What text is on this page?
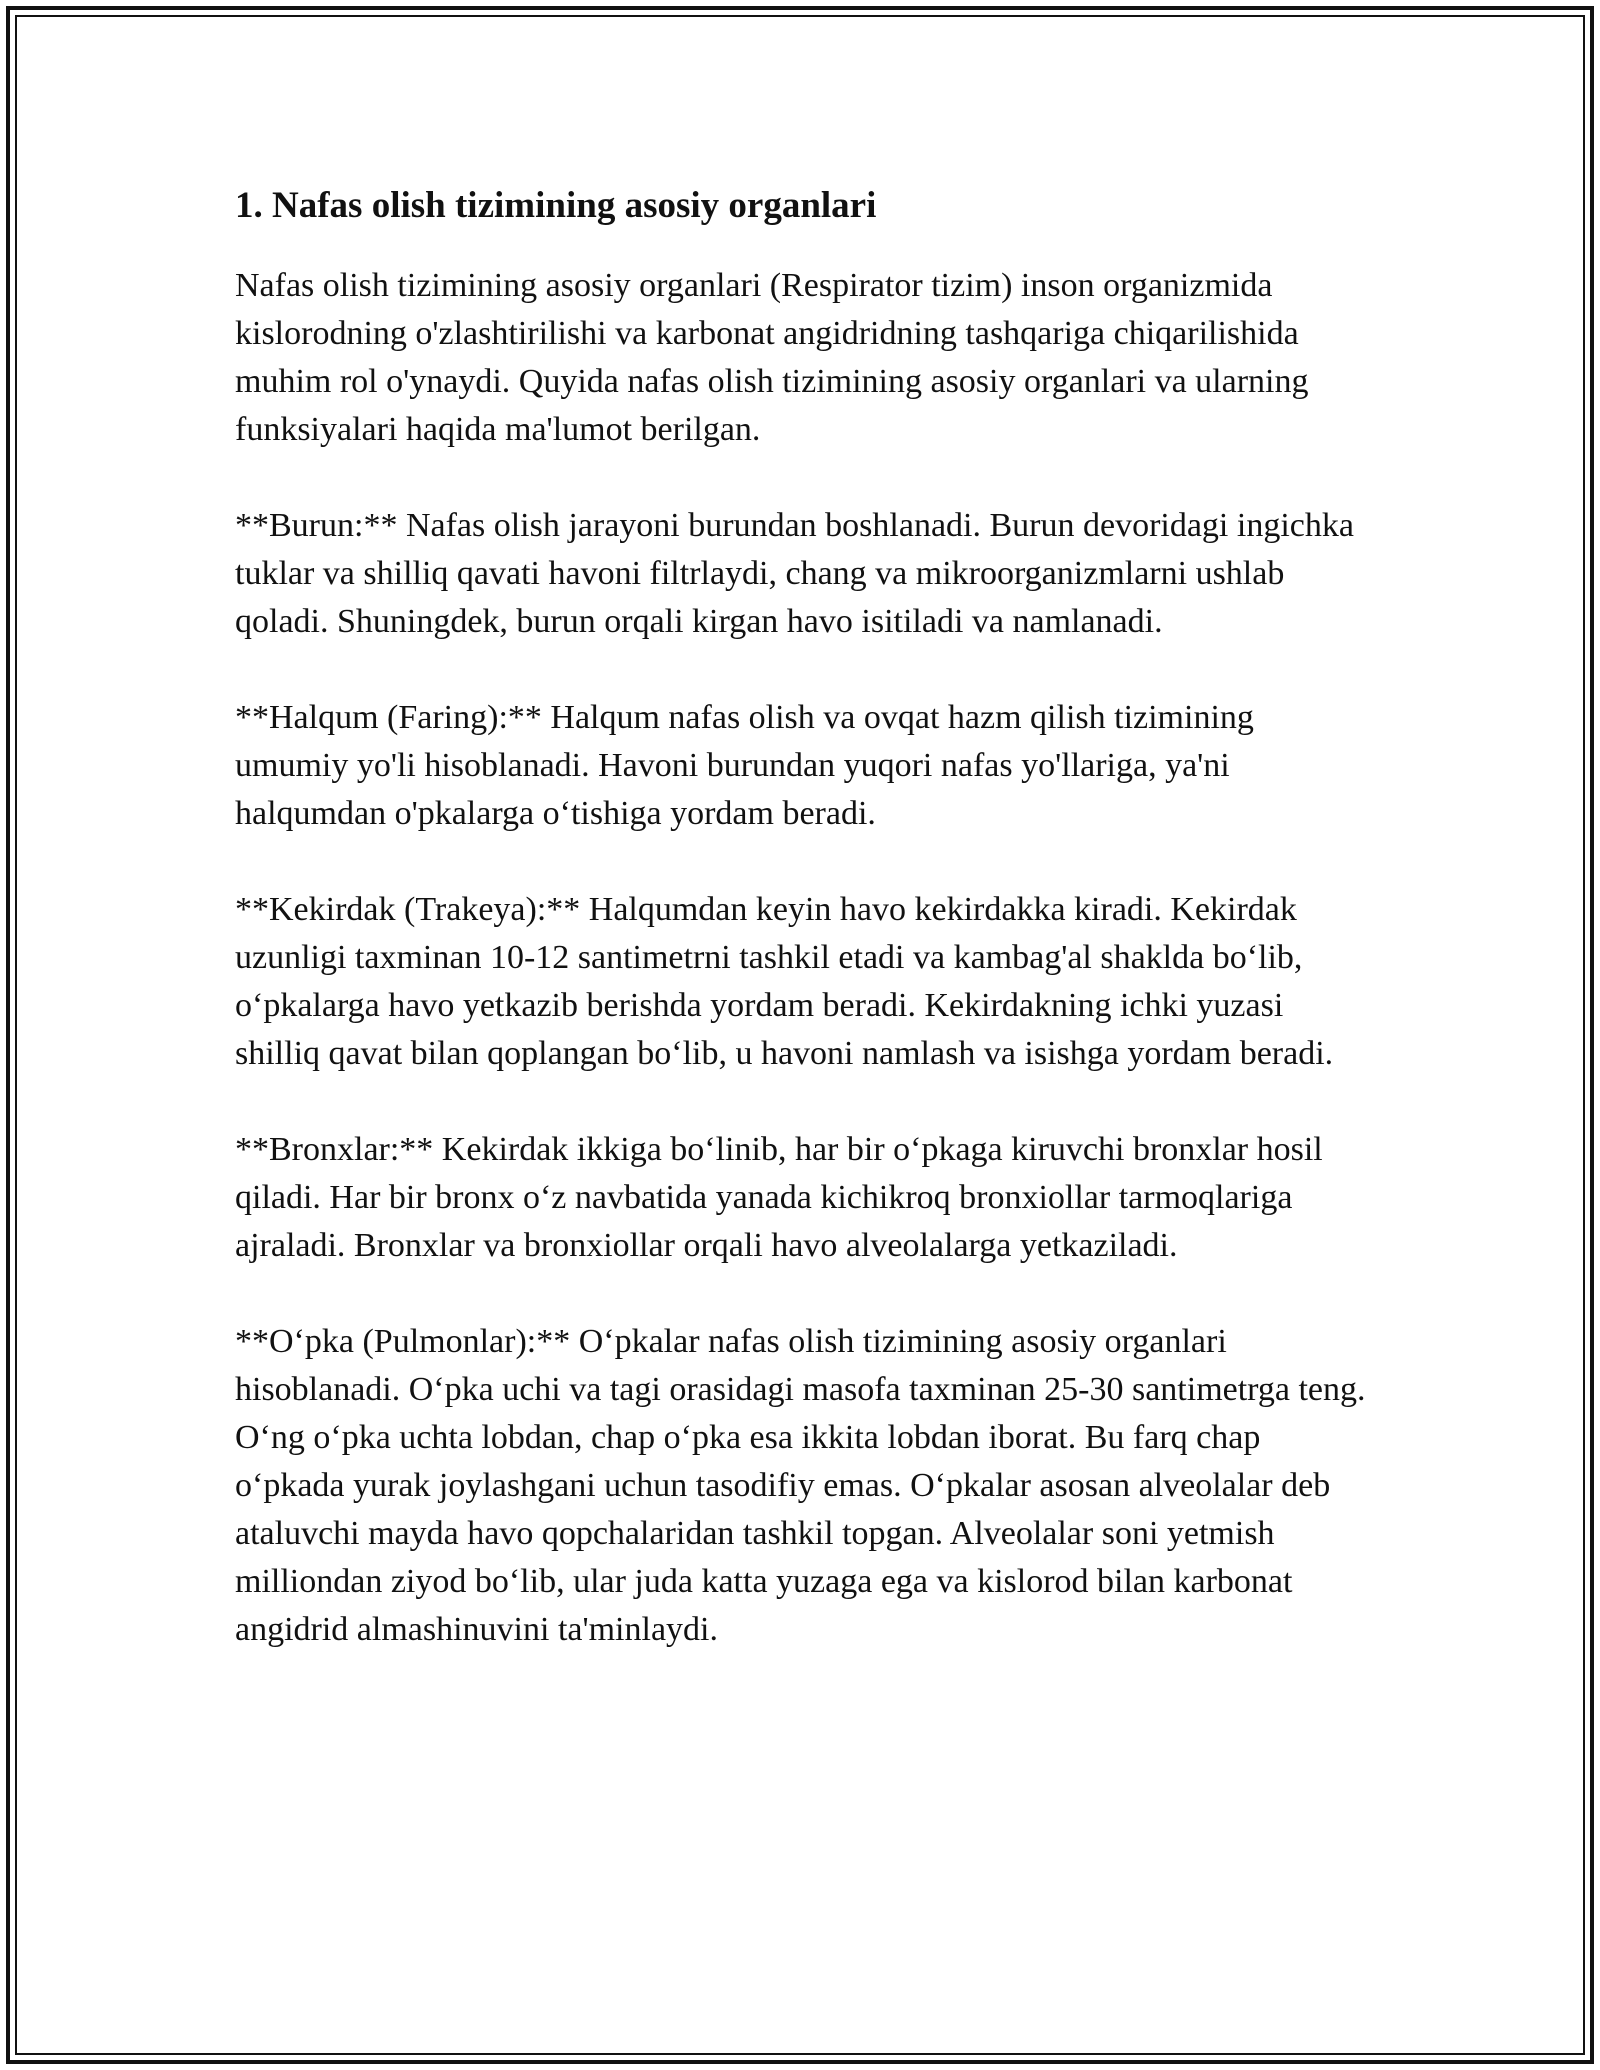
1. Nafas olish tizimining asosiy organlari

Nafas olish tizimining asosiy organlari (Respirator tizim) inson organizmida kislorodning o'zlashtirilishi va karbonat angidridning tashqariga chiqarilishida muhim rol o'ynaydi. Quyida nafas olish tizimining asosiy organlari va ularning funksiyalari haqida ma'lumot berilgan.

**Burun:** Nafas olish jarayoni burundan boshlanadi. Burun devoridagi ingichka tuklar va shilliq qavati havoni filtrlaydi, chang va mikroorganizmlarni ushlab qoladi. Shuningdek, burun orqali kirgan havo isitiladi va namlanadi.

**Halqum (Faring):** Halqum nafas olish va ovqat hazm qilish tizimining umumiy yo'li hisoblanadi. Havoni burundan yuqori nafas yo'llariga, ya'ni halqumdan o'pkalarga o‘tishiga yordam beradi.

**Kekirdak (Trakeya):** Halqumdan keyin havo kekirdakka kiradi. Kekirdak uzunligi taxminan 10-12 santimetrni tashkil etadi va kambag'al shaklda bo‘lib, o‘pkalarga havo yetkazib berishda yordam beradi. Kekirdakning ichki yuzasi shilliq qavat bilan qoplangan bo‘lib, u havoni namlash va isishga yordam beradi.

**Bronxlar:** Kekirdak ikkiga bo‘linib, har bir o‘pkaga kiruvchi bronxlar hosil qiladi. Har bir bronx o‘z navbatida yanada kichikroq bronxiollar tarmoqlariga ajraladi. Bronxlar va bronxiollar orqali havo alveolalarga yetkaziladi.

**O‘pka (Pulmonlar):** O‘pkalar nafas olish tizimining asosiy organlari hisoblanadi. O‘pka uchi va tagi orasidagi masofa taxminan 25-30 santimetrga teng. O‘ng o‘pka uchta lobdan, chap o‘pka esa ikkita lobdan iborat. Bu farq chap o‘pkada yurak joylashgani uchun tasodifiy emas. O‘pkalar asosan alveolalar deb ataluvchi mayda havo qopchalaridan tashkil topgan. Alveolalar soni yetmish milliondan ziyod bo‘lib, ular juda katta yuzaga ega va kislorod bilan karbonat angidrid almashinuvini ta'minlaydi.
